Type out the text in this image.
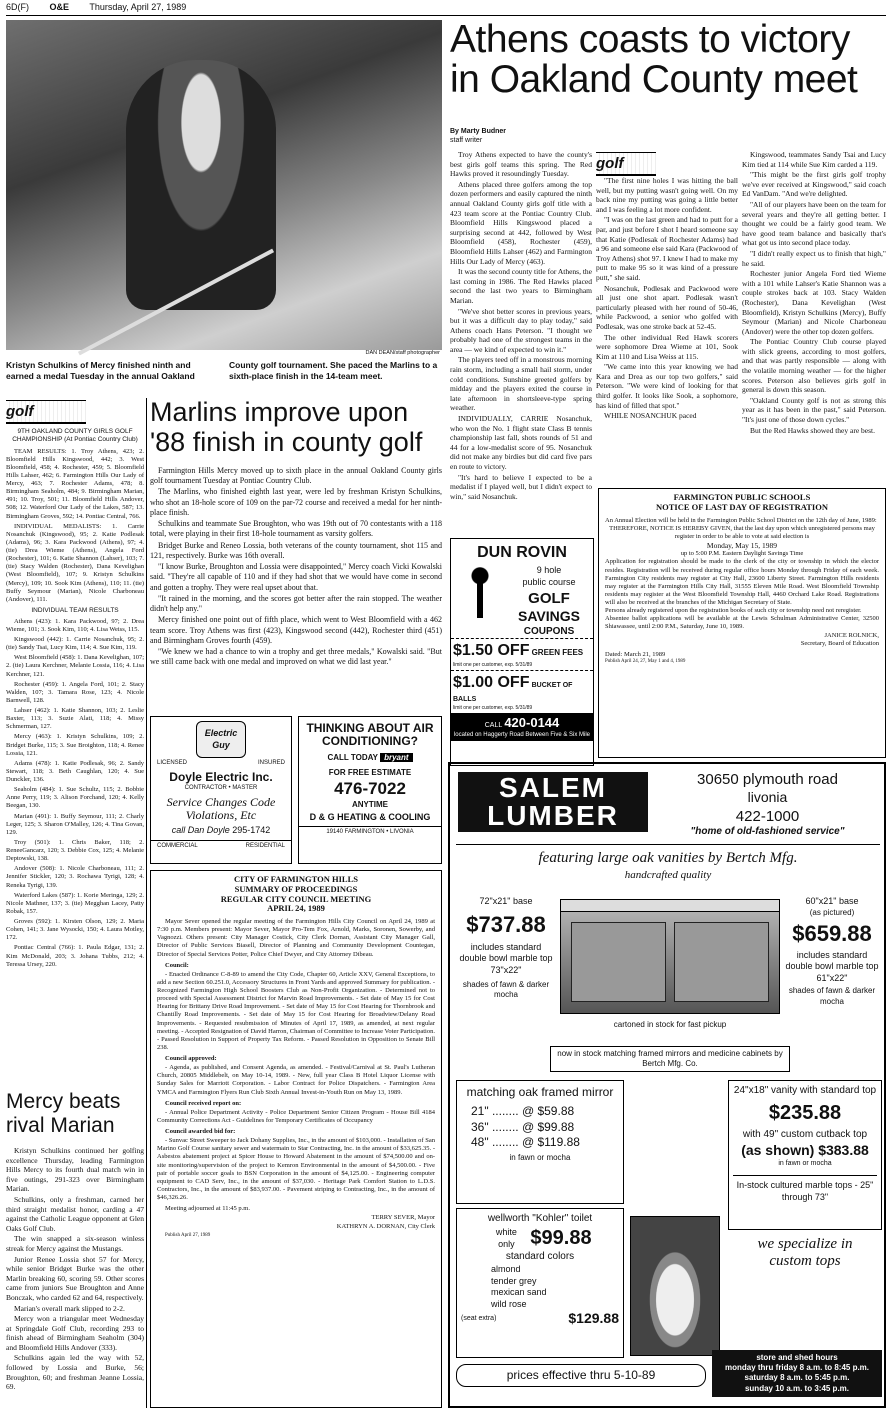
6D(F) O&E Thursday, April 27, 1989
DAN DEAN/staff photographer
Kristyn Schulkins of Mercy finished ninth and earned a medal Tuesday in the annual Oakland County golf tournament. She paced the Marlins to a sixth-place finish in the 14-team meet.
Athens coasts to victory in Oakland County meet
By Marty Budner
staff writer

Troy Athens expected to have the county's best girls golf teams this spring. The Red Hawks proved it resoundingly Tuesday.

Athens placed three golfers among the top dozen performers and easily captured the ninth annual Oakland County girls golf title with a 423 team score at the Pontiac Country Club. Bloomfield Hills Kingswood placed a surprising second at 442, followed by West Bloomfield (458), Rochester (459), Bloomfield Hills Lahser (462) and Farmington Hills Our Lady of Mercy (463).

It was the second county title for Athens, the last coming in 1986. The Red Hawks placed second the last two years to Birmingham Marian.

"We've shot better scores in previous years, but it was a difficult day to play today," said Athens coach Hans Peterson. "I thought we probably had one of the strongest teams in the area — we kind of expected to win it."

The players teed off in a monstrous morning rain storm, including a small hail storm, under cold conditions. Sunshine greeted golfers by midday and the players exited the course in late afternoon in shortsleeve-type spring weather.

INDIVIDUALLY, CARRIE Nosanchuk, who won the No. 1 flight state Class B tennis championship last fall, shots rounds of 51 and 44 for a low-medalist score of 95. Nosanchuk did not make any birdies but did card five pars en route to victory.

"It's hard to believe I expected to be a medalist if I played well, but I didn't expect to win," said Nosanchuk.

golf

"The first nine holes I was hitting the ball well, but my putting wasn't going well. On my back nine my putting was going a little better and I was feeling a lot more confident.

"I was on the last green and had to putt for a par, and just before I shot I heard someone say that Katie (Podlesak of Rochester Adams) had a 96 and someone else said Kara (Packwood of Troy Athens) shot 97. I knew I had to make my putt to make 95 so it was kind of a pressure putt," she said.

Nosanchuk, Podlesak and Packwood were all just one shot apart. Podlesak wasn't particularly pleased with her round of 50-46, while Packwood, a senior who golfed with Podlesak, was one stroke back at 52-45.

The other individual Red Hawk scorers were sophomore Drea Wieme at 101, Sook Kim at 110 and Lisa Weiss at 115.

"We came into this year knowing we had Kara and Drea as our top two golfers," said Peterson. "We were kind of looking for that third golfer. It looks like Sook, a sophomore, has kind of filled that spot."

WHILE NOSANCHUK paced

Kingswood, teammates Sandy Tsai and Lucy Kim tied at 114 while Sue Kim carded a 119.

"This might be the first girls golf trophy we've ever received at Kingswood," said coach Ed VanDam. "And we're delighted.

"All of our players have been on the team for several years and they're all getting better. I thought we could be a fairly good team. We have good team balance and basically that's what got us into second place today.

"I didn't really expect us to finish that high," he said.

Rochester junior Angela Ford tied Wieme with a 101 while Lahser's Katie Shannon was a couple strokes back at 103. Stacy Walden (Rochester), Dana Kevelighan (West Bloomfield), Kristyn Schulkins (Mercy), Buffy Seymour (Marian) and Nicole Charboneau (Andover) were the other top dozen golfers.

The Pontiac Country Club course played with slick greens, according to most golfers, and that was partly responsible — along with the volatile morning weather — for the higher scores. Peterson also believes girls golf in general is down this season.

"Oakland County golf is not as strong this year as it has been in the past," said Peterson. "It's just one of those down cycles."

But the Red Hawks showed they are best.

golf
9TH OAKLAND COUNTY GIRLS GOLF CHAMPIONSHIP (At Pontiac Country Club)

TEAM RESULTS: 1. Troy Athens, 423; 2. Bloomfield Hills Kingswood, 442; 3. West Bloomfield, 458; 4. Rochester, 459; 5. Bloomfield Hills Lahser, 462; 6. Farmington Hills Our Lady of Mercy, 463; 7. Rochester Adams, 478; 8. Birmingham Seaholm, 484; 9. Birmingham Marian, 491; 10. Troy, 501; 11. Bloomfield Hills Andover, 508; 12. Waterford Our Lady of the Lakes, 587; 13. Birmingham Groves, 592; 14. Pontiac Central, 766.

INDIVIDUAL MEDALISTS: 1. Carrie Nosanchuk (Kingswood), 95; 2. Katie Podlesak (Adams), 96; 3. Kara Packwood (Athens), 97; 4. (tie) Drea Wieme (Athens), Angela Ford (Rochester), 101; 6. Katie Shannon (Lahser), 103; 7. (tie) Stacy Walden (Rochester), Dana Kevelighan (West Bloomfield), 107; 9. Kristyn Schulkins (Mercy), 109; 10. Sook Kim (Athens), 110; 11. (tie) Buffy Seymour (Marian), Nicole Charboneau (Andover), 111.

INDIVIDUAL TEAM RESULTS

Athens (423): 1. Kara Packwood, 97; 2. Drea Wieme, 101; 3. Sook Kim, 110; 4. Lisa Weiss, 115.

Kingswood (442): 1. Carrie Nosanchuk, 95; 2. (tie) Sandy Tsai, Lucy Kim, 114; 4. Sue Kim, 119.

West Bloomfield (458): 1. Dana Kevelighan, 107; 2. (tie) Laura Kerchner, Melanie Lossia, 116; 4. Lisa Kerchner, 121.

Rochester (459): 1. Angela Ford, 101; 2. Stacy Walden, 107; 3. Tamara Rose, 123; 4. Nicole Barnwell, 128.

Lahser (462): 1. Katie Shannon, 103; 2. Leslie Baxter, 113; 3. Suzie Alati, 118; 4. Missy Schmerman, 127.

Mercy (463): 1. Kristyn Schulkins, 109; 2. Bridget Burke, 115; 3. Sue Broighton, 118; 4. Renee Lossia, 121.

Adams (478): 1. Katie Podlesak, 96; 2. Sandy Stewart, 118; 3. Beth Caughlan, 120; 4. Sue Dunckler, 136.

Seaholm (484): 1. Sue Schultz, 115; 2. Bobbie Anne Perry, 119; 3. Alison Forchand, 120; 4. Kelly Beegan, 130.

Marian (491): 1. Buffy Seymour, 111; 2. Charly Leger, 125; 3. Sharon O'Malley, 126; 4. Tina Govan, 129.

Troy (501): 1. Chris Baker, 118; 2. ReneeGancarz, 120; 3. Debbie Cox, 125; 4. Melanie Deptowski, 138.

Andover (508): 1. Nicole Charboneau, 111; 2. Jennifer Stickler, 120; 3. Rochawa Tyrigi, 128; 4. Reneka Tyrigi, 139.

Waterford Lakes (587): 1. Korie Meringa, 129; 2. Nicole Mathner, 137; 3. (tie) Megghan Lacey, Patty Robak, 157.

Groves (592): 1. Kirsten Olson, 129; 2. Maria Cohen, 141; 3. Jane Wysocki, 150; 4. Laura Motley, 172.

Pontiac Central (766): 1. Paula Edgar, 131; 2. Kim McDonald, 203; 3. Johana Tubbs, 212; 4. Teressa Ursey, 220.

Mercy beats rival Marian

Kristyn Schulkins continued her golfing excellence Thursday, leading Farmington Hills Mercy to its fourth dual match win in five outings, 291-323 over Birmingham Marian.

Schulkins, only a freshman, carned her third straight medalist honor, carding a 47 against the Catholic League opponent at Glen Oaks Golf Club.

The win snapped a six-season winless streak for Mercy against the Mustangs.

Junior Renee Lossia shot 57 for Mercy, while senior Bridget Burke was the other Marlin breaking 60, scoring 59. Other scores came from juniors Sue Broughton and Anne Bonczak, who carded 62 and 64, respectively.

Marian's overall mark slipped to 2-2.

Mercy won a triangular meet Wednesday at Springdale Golf Club, recording 293 to finish ahead of Birmingham Seaholm (304) and Bloomfield Hills Andover (333).

Schulkins again led the way with 52, followed by Lossia and Burke, 56; Broughton, 60; and freshman Jeanne Lossia, 69.

Marlins improve upon '88 finish in county golf

Farmington Hills Mercy moved up to sixth place in the annual Oakland County girls golf tournament Tuesday at Pontiac Country Club.

The Marlins, who finished eighth last year, were led by freshman Kristyn Schulkins, who shot an 18-hole score of 109 on the par-72 course and received a medal for her ninth-place finish.

Schulkins and teammate Sue Broughton, who was 19th out of 70 contestants with a 118 total, were playing in their first 18-hole tournament as varsity golfers.

Bridget Burke and Reneo Lossia, both veterans of the county tournament, shot 115 and 121, respectively. Burke was 16th overall.

"I know Burke, Broughton and Lossia were disappointed," Mercy coach Vicki Kowalski said. "They're all capable of 110 and if they had shot that we would have come in second and gotten a trophy. They were real upset about that.

"It rained in the morning, and the scores got better after the rain stopped. The weather didn't help any."

Mercy finished one point out of fifth place, which went to West Bloomfield with a 462 team score. Troy Athens was first (423), Kingswood second (442), Rochester third (451) and Birmingham Groves fourth (459).

"We knew we had a chance to win a trophy and get three medals," Kowalski said. "But we still came back with one medal and improved on what we did last year."

DUN ROVIN
9 hole
public course
GOLF
SAVINGS
COUPONS
$1.50 OFF GREEN FEES
limit one per customer, exp. 5/31/89
$1.00 OFF BUCKET OF BALLS
limit one per customer, exp. 5/31/89
CALL 420-0144
located on Haggerty Road Between Five & Six Mile
Electric Guy
LICENSED	INSURED
Doyle Electric Inc.
CONTRACTOR • MASTER
Service Changes Code Violations, Etc
call Dan Doyle 295-1742
COMMERCIAL	RESIDENTIAL
THINKING ABOUT AIR CONDITIONING?
CALL TODAY bryant
FOR FREE ESTIMATE
476-7022
ANYTIME
D & G HEATING & COOLING
19140 FARMINGTON • LIVONIA
FARMINGTON PUBLIC SCHOOLS
NOTICE OF LAST DAY OF REGISTRATION

An Annual Election will be held in the Farmington Public School District on the 12th day of June, 1989:

THEREFORE, NOTICE IS HEREBY GIVEN, that the last day upon which unregistered persons may register in order to be able to vote at said election is

Monday, May 15, 1989

up to 5:00 P.M. Eastern Daylight Savings Time

Application for registration should be made to the clerk of the city or township in which the elector resides. Registration will be received during regular office hours Monday through Friday of each week. Farmington City residents may register at City Hall, 23600 Liberty Street. Farmington Hills residents may register at the Farmington Hills City Hall, 31555 Eleven Mile Road. West Bloomfield Township residents may register at the West Bloomfield Township Hall, 4460 Orchard Lake Road. Registrations will also be received at the branches of the Michigan Secretary of State.

Persons already registered upon the registration books of such city or township need not reregister.

Absentee ballot applications will be available at the Lewis Schulman Administrative Center, 32500 Shiawassee, until 2:00 P.M., Saturday, June 10, 1989.

JANICE ROLNICK,

Secretary, Board of Education

Dated: March 21, 1989

Publish April 24, 27, May 1 and 4, 1989

CITY OF FARMINGTON HILLS
SUMMARY OF PROCEEDINGS
REGULAR CITY COUNCIL MEETING
APRIL 24, 1989

Mayor Sever opened the regular meeting of the Farmington Hills City Council on April 24, 1989 at 7:30 p.m. Members present: Mayor Sever, Mayor Pro-Tem Fox, Arnold, Marks, Soronen, Sowerby, and Vagnozzi. Others present: City Manager Costick, City Clerk Dornan, Assistant City Manager Gall, Director of Public Services Biasell, Director of Planning and Community Development Countegan, Director of Special Services Potter, Police Chief Dwyer, and City Attorney Dibeau.

Council:

- Enacted Ordinance C-8-89 to amend the City Code, Chapter 60, Article XXV, General Exceptions, to add a new Section 60.251.0, Accessory Structures in Front Yards and approved Summary for publication. - Recognized Farmington High School Boosters Club as Non-Profit Organization. - Determined not to proceed with Special Assessment District for Marvin Road Improvements. - Set date of May 15 for Cost Hearing for Brittany Drive Road Improvement. - Set date of May 15 for Cost Hearing for Thornbrook and Chantilly Road Improvements. - Set date of May 15 for Cost Hearing for Broadview/Delany Road Improvements. - Requested resubmission of Minutes of April 17, 1989, as amended, at next regular meeting. - Accepted Resignation of David Harron, Chairman of Committee to Increase Voter Participation. - Passed Resolution in Support of Property Tax Reform. - Passed Resolution in Opposition to Senate Bill 238.

Council approved:

- Agenda, as published, and Consent Agenda, as amended. - Festival/Carnival at St. Paul's Lutheran Church, 20805 Middlebelt, on May 10-14, 1989. - New, full year Class B Hotel Liquor License with Sunday Sales for Marriott Corporation. - Labor Contract for Police Dispatchers. - Farmington Area YMCA and Farmington Flyers Run Club Sixth Annual Invest-in-Youth Run on May 13, 1989.

Council received report on:

- Annual Police Department Activity - Police Department Senior Citizen Program - House Bill 4184 Community Corrections Act - Guidelines for Temporary Certificates of Occupancy

Council awarded bid for:

- Sunvac Street Sweeper to Jack Dohany Supplies, Inc., in the amount of $103,000. - Installation of San Marino Golf Course sanitary sewer and watermain to Star Contracting, Inc. in the amount of $33,625.35. - Asbestos abatement project at Spicer House to Howard Abatement in the amount of $74,500.00 and on-site monitoring/supervision of the project to Kemron Environmental in the amount of $4,500.00. - Five pair of portable soccer goals to BSN Corporation in the amount of $4,125.00. - Engineering computer equipment to CAD Serv, Inc., in the amount of $37,030. - Heritage Park Comfort Station to L.D.S. Contractors, Inc., in the amount of $83,937.00. - Pavement striping to Contracting, Inc., in the amount of $46,326.26.

Meeting adjourned at 11:45 p.m.

TERRY SEVER, Mayor

KATHRYN A. DORNAN, City Clerk

Publish April 27, 1989

SALEM
LUMBER
30650 plymouth road
livonia
422-1000
"home of old-fashioned service"
featuring large oak vanities by Bertch Mfg.
handcrafted quality
72"x21" base
$737.88
includes standard double bowl marble top 73"x22"
shades of fawn & darker mocha
60"x21" base
(as pictured)
$659.88
includes standard double bowl marble top 61"x22"
shades of fawn & darker mocha
cartoned in stock for fast pickup
now in stock matching framed mirrors and medicine cabinets by Bertch Mfg. Co.
matching oak framed mirror
21" ........ @ $59.88
36" ........ @ $99.88
48" ........ @ $119.88
in fawn or mocha
wellworth "Kohler" toilet
white only $99.88
standard colors
almond
tender grey
mexican sand
wild rose
(seat extra)	$129.88
24"x18" vanity with standard top
$235.88
with 49" custom cutback top
(as shown) $383.88
in fawn or mocha
In-stock cultured marble tops - 25" through 73"
we specialize in custom tops
prices effective thru 5-10-89
store and shed hours
monday thru friday 8 a.m. to 8:45 p.m.
saturday 8 a.m. to 5:45 p.m.
sunday 10 a.m. to 3:45 p.m.
